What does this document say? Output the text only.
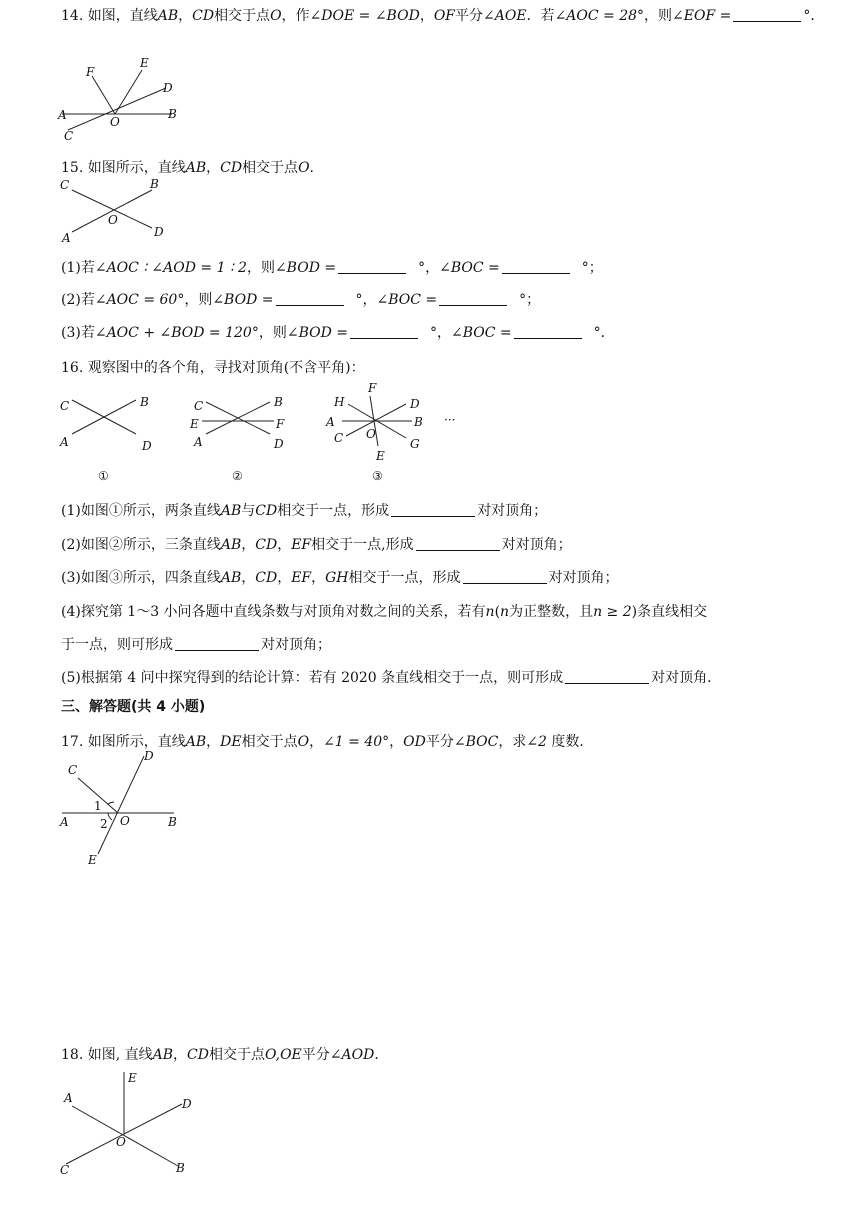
14. 如图，直线AB，CD相交于点O，作∠DOE = ∠BOD，OF平分∠AOE．若∠AOC = 28°，则∠EOF =	°．
F
E
D
A	O
B
C
15. 如图所示，直线AB，CD相交于点O．
C	B
O
A	D
(1)若∠AOC ∶ ∠AOD = 1 ∶ 2，则∠BOD =	°，∠BOC =	°；
(2)若∠AOC = 60°，则∠BOD =	°，∠BOC =	°；
(3)若∠AOC + ∠BOD = 120°，则∠BOD =	°，∠BOC =	°．
16. 观察图中的各个角，寻找对顶角(不含平角)：
C	B
A	D
①
C	B
E	F
A	D
②
F
H	D
A	B
C O
G
E
···
③
(1)如图①所示，两条直线AB与CD相交于一点，形成	对对顶角；
(2)如图②所示，三条直线AB，CD，EF相交于一点,形成	对对顶角；
(3)如图③所示，四条直线AB，CD，EF，GH相交于一点，形成	对对顶角；
(4)探究第 1～3 小问各题中直线条数与对顶角对数之间的关系，若有n(n为正整数，且n ≥ 2)条直线相交
于一点，则可形成	对对顶角；
(5)根据第 4 问中探究得到的结论计算：若有 2020 条直线相交于一点，则可形成	对对顶角．
三、解答题(共 4 小题)
17. 如图所示，直线AB，DE相交于点O，∠1 = 40°，OD平分∠BOC，求∠2 度数．
C
D
A	O	B
E
1
2
18. 如图, 直线AB，CD相交于点O,OE平分∠AOD．
E
A	D
O
C	B
